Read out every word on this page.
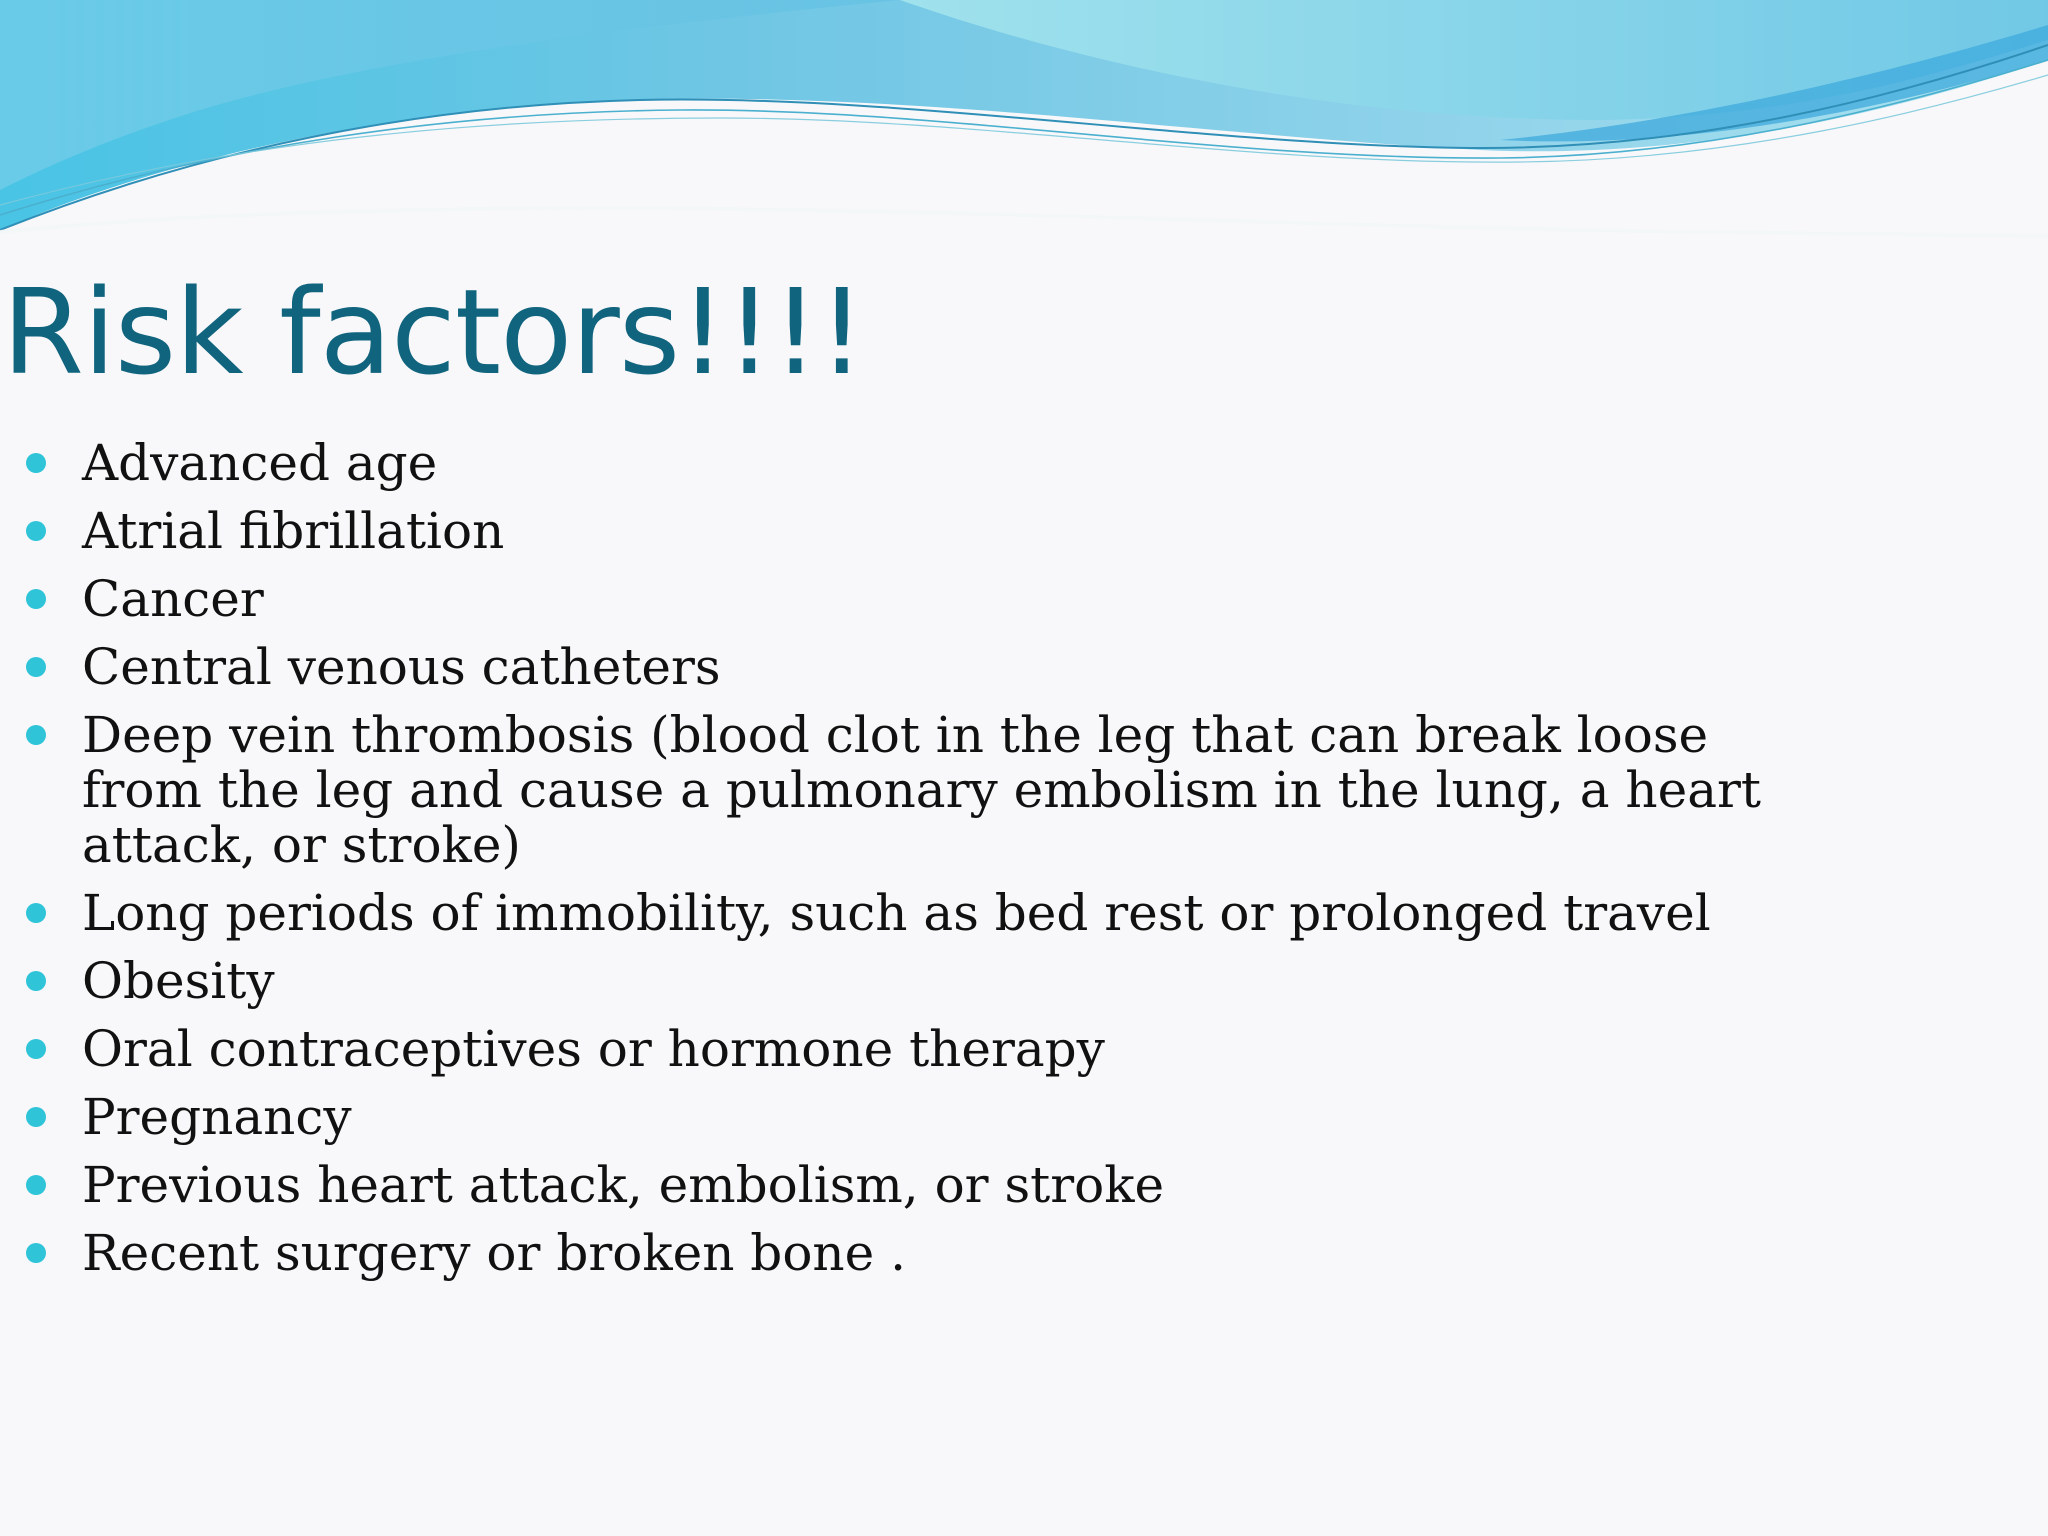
Risk factors!!!!
Advanced age
Atrial fibrillation
Cancer
Central venous catheters
Deep vein thrombosis (blood clot in the leg that can break loose from the leg and cause a pulmonary embolism in the lung, a heart attack, or stroke)
Long periods of immobility, such as bed rest or prolonged travel
Obesity
Oral contraceptives or hormone therapy
Pregnancy
Previous heart attack, embolism, or stroke
Recent surgery or broken bone .
